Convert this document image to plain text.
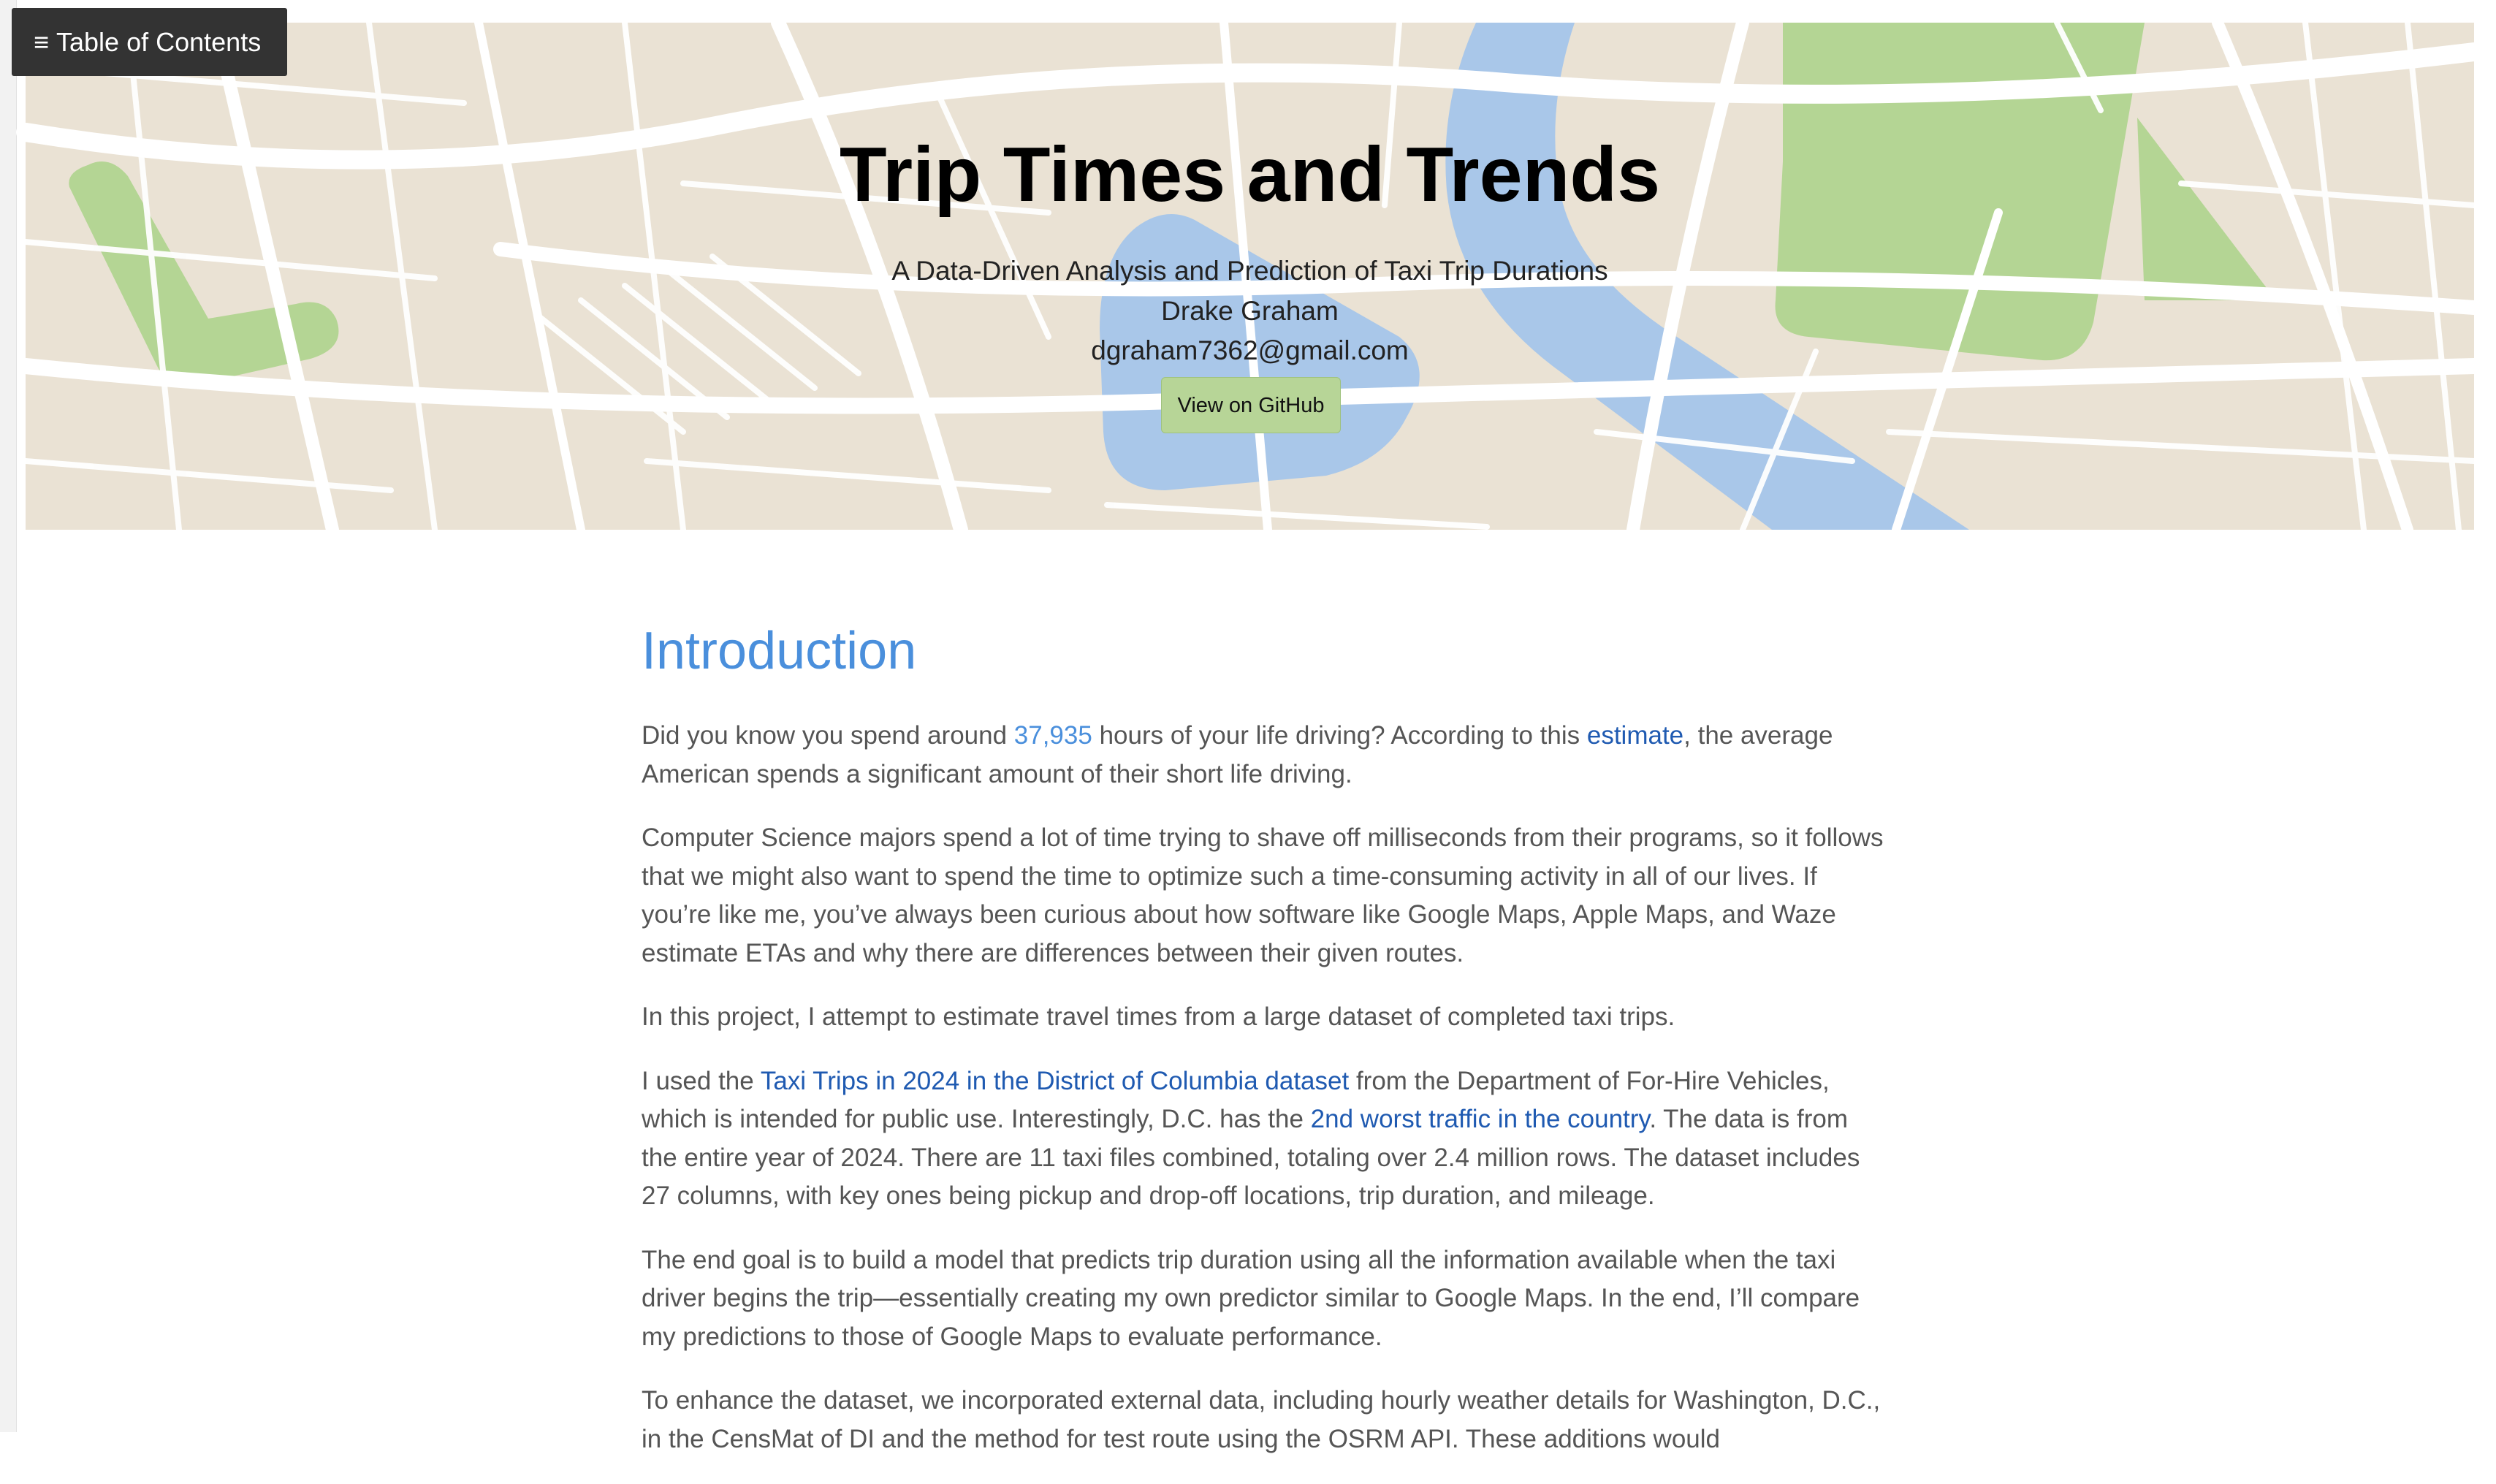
Trip Times and Trends
A Data-Driven Analysis and Prediction of Taxi Trip Durations
Drake Graham
dgraham7362@gmail.com
View on GitHub
≡ Table of Contents
Introduction

Did you know you spend around 37,935 hours of your life driving? According to this estimate, the average American spends a significant amount of their short life driving.

Computer Science majors spend a lot of time trying to shave off milliseconds from their programs, so it follows that we might also want to spend the time to optimize such a time-consuming activity in all of our lives. If you’re like me, you’ve always been curious about how software like Google Maps, Apple Maps, and Waze estimate ETAs and why there are differences between their given routes.

In this project, I attempt to estimate travel times from a large dataset of completed taxi trips.

I used the Taxi Trips in 2024 in the District of Columbia dataset from the Department of For-Hire Vehicles, which is intended for public use. Interestingly, D.C. has the 2nd worst traffic in the country. The data is from the entire year of 2024. There are 11 taxi files combined, totaling over 2.4 million rows. The dataset includes 27 columns, with key ones being pickup and drop-off locations, trip duration, and mileage.

The end goal is to build a model that predicts trip duration using all the information available when the taxi driver begins the trip—essentially creating my own predictor similar to Google Maps. In the end, I’ll compare my predictions to those of Google Maps to evaluate performance.

To enhance the dataset, we incorporated external data, including hourly weather details for Washington, D.C., in the CensMat of DI and the method for test route using the OSRM API. These additions would
